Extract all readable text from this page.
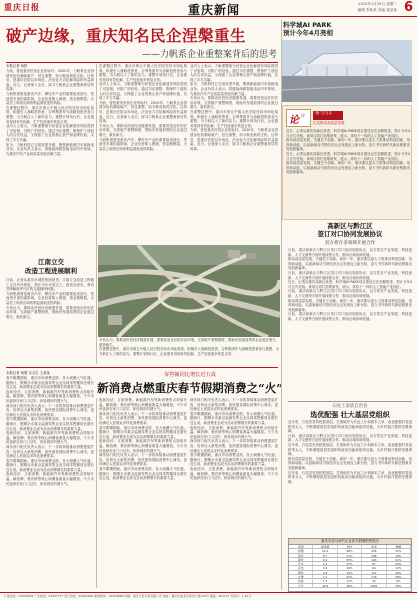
重庆日报	重庆新闻	2022年1月25日 星期二
编辑 李某某 美编 某某某 6
破产边缘，重庆知名民企涅槃重生
——力帆系企业重整案背后的思考
本报记者 杨野

力帆，曾是重庆民营企业的标杆。2020年，力帆系企业因债务危机濒临破产，经过重整，如今焕发新的生机。这背后，是重庆法院以市场化、法治化方式化解风险的有益探索。近日，记者深入走访，探寻力帆系企业重整案背后的故事。

力帆集团曾是重庆汽车、摩托车产业的重要组成部分，然而受多重因素影响，企业经营陷入困境，资金链断裂，大量员工和供应商的利益面临受损风险。

在重整过程中，重庆市第五中级人民法院坚持市场化原则，积极引入战略投资者，吉利集团作为战略投资者参与重整，为力帆注入了新的活力。重整计划执行后，企业债务得到有效化解，生产经营逐步恢复正常。

业内人士表示，力帆重整案为民营企业化解债务风险提供了可复制、可推广的经验。通过司法重整，既保护了债权人的合法权益，又保留了企业的核心资产和品牌价值，实现了多方共赢。

如今，力帆科技已完成转型升级，聚焦新能源汽车和换电业务。企业负责人表示，将继续深耕智能电动汽车领域，为重庆汽车产业高质量发展贡献力量。

在重整过程中，重庆市第五中级人民法院坚持市场化原则，积极引入战略投资者，吉利集团作为战略投资者参与重整，为力帆注入了新的活力。重整计划执行后，企业债务得到有效化解，生产经营逐步恢复正常。

业内人士表示，力帆重整案为民营企业化解债务风险提供了可复制、可推广的经验。通过司法重整，既保护了债权人的合法权益，又保留了企业的核心资产和品牌价值，实现了多方共赢。

力帆，曾是重庆民营企业的标杆。2020年，力帆系企业因债务危机濒临破产，经过重整，如今焕发新的生机。这背后，是重庆法院以市场化、法治化方式化解风险的有益探索。近日，记者深入走访，探寻力帆系企业重整案背后的故事。

专家认为，要推动民营经济健康发展，需要营造良好的法治环境，完善破产重整制度，帮助有发展前景的企业渡过难关，重获新生。

力帆集团曾是重庆汽车、摩托车产业的重要组成部分，然而受多重因素影响，企业经营陷入困境，资金链断裂，大量员工和供应商的利益面临受损风险。

业内人士表示，力帆重整案为民营企业化解债务风险提供了可复制、可推广的经验。通过司法重整，既保护了债权人的合法权益，又保留了企业的核心资产和品牌价值，实现了多方共赢。

如今，力帆科技已完成转型升级，聚焦新能源汽车和换电业务。企业负责人表示，将继续深耕智能电动汽车领域，为重庆汽车产业高质量发展贡献力量。

专家认为，要推动民营经济健康发展，需要营造良好的法治环境，完善破产重整制度，帮助有发展前景的企业渡过难关，重获新生。

在重整过程中，重庆市第五中级人民法院坚持市场化原则，积极引入战略投资者，吉利集团作为战略投资者参与重整，为力帆注入了新的活力。重整计划执行后，企业债务得到有效化解，生产经营逐步恢复正常。

力帆，曾是重庆民营企业的标杆。2020年，力帆系企业因债务危机濒临破产，经过重整，如今焕发新的生机。这背后，是重庆法院以市场化、法治化方式化解风险的有益探索。近日，记者深入走访，探寻力帆系企业重整案背后的故事。

江南立交
改造工程进展顺利

日前，记者从重庆市城投集团获悉，江南立交改造工程施工正在有序推进，预计今年年底完工。改造完成后，将有效缓解南坪片区的交通拥堵问题。

力帆集团曾是重庆汽车、摩托车产业的重要组成部分，然而受多重因素影响，企业经营陷入困境，资金链断裂，大量员工和供应商的利益面临受损风险。

专家认为，要推动民营经济健康发展，需要营造良好的法治环境，完善破产重整制度，帮助有发展前景的企业渡过难关，重获新生。

专家认为，要推动民营经济健康发展，需要营造良好的法治环境，完善破产重整制度，帮助有发展前景的企业渡过难关，重获新生。

在重整过程中，重庆市第五中级人民法院坚持市场化原则，积极引入战略投资者，吉利集团作为战略投资者参与重整，为力帆注入了新的活力。重整计划执行后，企业债务得到有效化解，生产经营逐步恢复正常。

零售额同比增长近五成
新消费点燃重庆春节假期消费之“火”
本报记者 杨骏 实习生 王某某

春节假期期间，重庆市场消费活跃，各大商圈人气旺盛。据统计，假期全市重点监测零售企业实现零售额同比增长近五成，新消费业态成为拉动消费增长的重要力量。

夜间经济、文旅消费、新能源汽车等新消费热点持续升温。解放碑、观音桥等核心商圈客流量大幅增加，不少市民选择在家门口过年，体验城市的烟火气。

商务部门相关负责人表示，下一步将持续推动消费提质扩容，培育壮大新型消费，加快建设国际消费中心城市，更好满足人民群众多样化消费需求。

春节假期期间，重庆市场消费活跃，各大商圈人气旺盛。据统计，假期全市重点监测零售企业实现零售额同比增长近五成，新消费业态成为拉动消费增长的重要力量。

夜间经济、文旅消费、新能源汽车等新消费热点持续升温。解放碑、观音桥等核心商圈客流量大幅增加，不少市民选择在家门口过年，体验城市的烟火气。

商务部门相关负责人表示，下一步将持续推动消费提质扩容，培育壮大新型消费，加快建设国际消费中心城市，更好满足人民群众多样化消费需求。

春节假期期间，重庆市场消费活跃，各大商圈人气旺盛。据统计，假期全市重点监测零售企业实现零售额同比增长近五成，新消费业态成为拉动消费增长的重要力量。

夜间经济、文旅消费、新能源汽车等新消费热点持续升温。解放碑、观音桥等核心商圈客流量大幅增加，不少市民选择在家门口过年，体验城市的烟火气。

夜间经济、文旅消费、新能源汽车等新消费热点持续升温。解放碑、观音桥等核心商圈客流量大幅增加，不少市民选择在家门口过年，体验城市的烟火气。

商务部门相关负责人表示，下一步将持续推动消费提质扩容，培育壮大新型消费，加快建设国际消费中心城市，更好满足人民群众多样化消费需求。

春节假期期间，重庆市场消费活跃，各大商圈人气旺盛。据统计，假期全市重点监测零售企业实现零售额同比增长近五成，新消费业态成为拉动消费增长的重要力量。

夜间经济、文旅消费、新能源汽车等新消费热点持续升温。解放碑、观音桥等核心商圈客流量大幅增加，不少市民选择在家门口过年，体验城市的烟火气。

商务部门相关负责人表示，下一步将持续推动消费提质扩容，培育壮大新型消费，加快建设国际消费中心城市，更好满足人民群众多样化消费需求。

春节假期期间，重庆市场消费活跃，各大商圈人气旺盛。据统计，假期全市重点监测零售企业实现零售额同比增长近五成，新消费业态成为拉动消费增长的重要力量。

商务部门相关负责人表示，下一步将持续推动消费提质扩容，培育壮大新型消费，加快建设国际消费中心城市，更好满足人民群众多样化消费需求。

春节假期期间，重庆市场消费活跃，各大商圈人气旺盛。据统计，假期全市重点监测零售企业实现零售额同比增长近五成，新消费业态成为拉动消费增长的重要力量。

夜间经济、文旅消费、新能源汽车等新消费热点持续升温。解放碑、观音桥等核心商圈客流量大幅增加，不少市民选择在家门口过年，体验城市的烟火气。

商务部门相关负责人表示，下一步将持续推动消费提质扩容，培育壮大新型消费，加快建设国际消费中心城市，更好满足人民群众多样化消费需求。

春节假期期间，重庆市场消费活跃，各大商圈人气旺盛。据统计，假期全市重点监测零售企业实现零售额同比增长近五成，新消费业态成为拉动消费增长的重要力量。

夜间经济、文旅消费、新能源汽车等新消费热点持续升温。解放碑、观音桥等核心商圈客流量大幅增加，不少市民选择在家门口过年，体验城市的烟火气。

科学城AI PARK
预计今年4月亮相
论 评	“新”字当头
扎实推动高质量发展

近日，记者从重庆高新区获悉，科学城AI PARK项目建设正在加紧推进，预计今年4月正式亮相。该项目将打造集研发、展示、体验于一体的人工智能产业园区。

推动高质量发展，关键在于创新。新的一年，重庆要以更大力度推动科技创新，培育新动能，以创新驱动引领经济社会发展迈上新台阶，奋力书写新时代新征程重庆发展新篇章。

近日，记者从重庆高新区获悉，科学城AI PARK项目建设正在加紧推进，预计今年4月正式亮相。该项目将打造集研发、展示、体验于一体的人工智能产业园区。

推动高质量发展，关键在于创新。新的一年，重庆要以更大力度推动科技创新，培育新动能，以创新驱动引领经济社会发展迈上新台阶，奋力书写新时代新征程重庆发展新篇章。

高新区与黔江区
签订对口协同发展协议
双方将在多领域开展合作

日前，重庆高新区与黔江区签订对口协同发展协议，双方将在产业发展、科技创新、人才交流等方面开展深度合作，推动区域协调发展。

推动高质量发展，关键在于创新。新的一年，重庆要以更大力度推动科技创新，培育新动能，以创新驱动引领经济社会发展迈上新台阶，奋力书写新时代新征程重庆发展新篇章。

日前，重庆高新区与黔江区签订对口协同发展协议，双方将在产业发展、科技创新、人才交流等方面开展深度合作，推动区域协调发展。

近日，记者从重庆高新区获悉，科学城AI PARK项目建设正在加紧推进，预计今年4月正式亮相。该项目将打造集研发、展示、体验于一体的人工智能产业园区。

日前，重庆高新区与黔江区签订对口协同发展协议，双方将在产业发展、科技创新、人才交流等方面开展深度合作，推动区域协调发展。

推动高质量发展，关键在于创新。新的一年，重庆要以更大力度推动科技创新，培育新动能，以创新驱动引领经济社会发展迈上新台阶，奋力书写新时代新征程重庆发展新篇章。

日前，重庆高新区与黔江区签订对口协同发展协议，双方将在产业发展、科技创新、人才交流等方面开展深度合作，推动区域协调发展。

石柱土家族自治县
选优配强 壮大基层党组织

近年来，石柱县坚持把抓基层、打基础作为长远之计和固本之举，选优配强村党组织带头人，不断增强基层党组织的政治功能和组织功能，为乡村振兴提供坚强保障。

日前，重庆高新区与黔江区签订对口协同发展协议，双方将在产业发展、科技创新、人才交流等方面开展深度合作，推动区域协调发展。

近年来，石柱县坚持把抓基层、打基础作为长远之计和固本之举，选优配强村党组织带头人，不断增强基层党组织的政治功能和组织功能，为乡村振兴提供坚强保障。

推动高质量发展，关键在于创新。新的一年，重庆要以更大力度推动科技创新，培育新动能，以创新驱动引领经济社会发展迈上新台阶，奋力书写新时代新征程重庆发展新篇章。

近年来，石柱县坚持把抓基层、打基础作为长远之计和固本之举，选优配强村党组织带头人，不断增强基层党组织的政治功能和组织功能，为乡村振兴提供坚强保障。

重庆市部分商贸企业春节假期销售情况
类别	销售额	同比	客流	增幅
商圈	12.3	48%	256	32%
超市	8.7	21%	198	18%
餐饮	6.4	55%	143	41%
汽车	5.2	37%	87	29%
家电	3.9	16%	64	12%
服装	2.8	24%	112	20%
文旅	2.1	63%	176	58%
其他	1.5	11%	45	9%
合计	42.9	46%	1081	35%
订阅热线：63909999 广告热线：63907777 发行热线：63906666 新闻热线：63908888 印刷：重庆日报印务有限公司 地址：重庆市渝北区同茂大道416号 邮编：401147 零售价：1.50元
